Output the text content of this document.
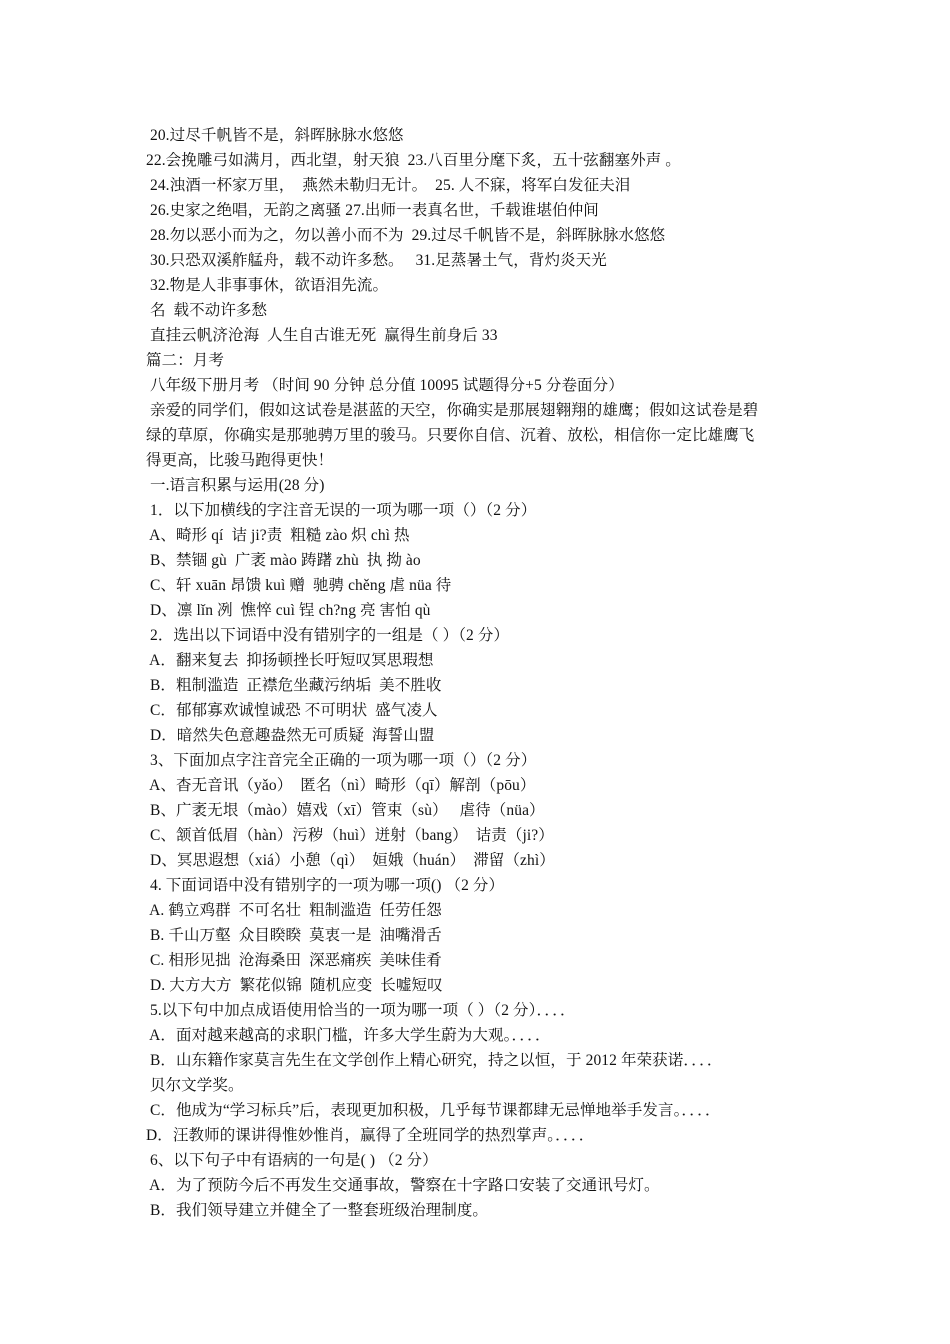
20.过尽千帆皆不是，斜晖脉脉水悠悠
22.会挽雕弓如满月，西北望，射天狼  23.八百里分麾下炙，五十弦翻塞外声 。
24.浊酒一杯家万里，  燕然未勒归无计。  25. 人不寐，将军白发征夫泪
26.史家之绝唱，无韵之离骚 27.出师一表真名世，千载谁堪伯仲间
28.勿以恶小而为之，勿以善小而不为  29.过尽千帆皆不是，斜晖脉脉水悠悠
30.只恐双溪舴艋舟，载不动许多愁。   31.足蒸暑土气，背灼炎天光
32.物是人非事事休，欲语泪先流。
名  载不动许多愁
直挂云帆济沧海  人生自古谁无死  赢得生前身后 33
篇二：月考
八年级下册月考 （时间 90 分钟 总分值 10095 试题得分+5 分卷面分）
亲爱的同学们，假如这试卷是湛蓝的天空，你确实是那展翅翱翔的雄鹰；假如这试卷是碧
绿的草原，你确实是那驰骋万里的骏马。只要你自信、沉着、放松，相信你一定比雄鹰飞
得更高，比骏马跑得更快！
一.语言积累与运用(28 分)
1．以下加横线的字注音无误的一项为哪一项（）（2 分）
A、畸形 qí  诘 ji?责  粗糙 zào 炽 chì 热
B、禁锢 gù  广袤 mào 踌躇 zhù  执 拗 ào
C、轩 xuān 昂馈 kuì 赠  驰骋 chěng 虐 nüa 待
D、凛 lǐn 冽  憔悴 cuì 锃 ch?ng 亮 害怕 qù
2．选出以下词语中没有错别字的一组是（ ）（2 分）
A．翻来复去  抑扬顿挫长吁短叹冥思瑕想
B．粗制滥造  正襟危坐藏污纳垢  美不胜收
C．郁郁寡欢诚惶诚恐 不可明状  盛气凌人
D．暗然失色意趣盎然无可质疑  海誓山盟
3、下面加点字注音完全正确的一项为哪一项（）（2 分）
A、杳无音讯（yǎo）  匿名（nì）畸形（qī）解剖（pōu）
B、广袤无垠（mào）嬉戏（xī）管束（sù）   虐待（nüa）
C、颔首低眉（hàn）污秽（huì）迸射（bang）  诘责（ji?）
D、冥思遐想（xiá）小憩（qì）  姮娥（huán）  滞留（zhì）
4. 下面词语中没有错别字的一项为哪一项() （2 分）
A. 鹤立鸡群  不可名壮  粗制滥造  任劳任怨
B. 千山万壑  众目睽睽  莫衷一是  油嘴滑舌
C. 相形见拙  沧海桑田  深恶痛疾  美味佳肴
D. 大方大方  繁花似锦  随机应变  长嘘短叹
5.以下句中加点成语使用恰当的一项为哪一项（ ）（2 分）．．．．
A．面对越来越高的求职门槛，许多大学生蔚为大观。．．．．
B．山东籍作家莫言先生在文学创作上精心研究，持之以恒，于 2012 年荣获诺．．．．
贝尔文学奖。
C．他成为“学习标兵”后，表现更加积极，几乎每节课都肆无忌惮地举手发言。．．．．
D．汪教师的课讲得惟妙惟肖，赢得了全班同学的热烈掌声。．．．．
6、以下句子中有语病的一句是( ) （2 分）
A．为了预防今后不再发生交通事故，警察在十字路口安装了交通讯号灯。
B．我们领导建立并健全了一整套班级治理制度。
